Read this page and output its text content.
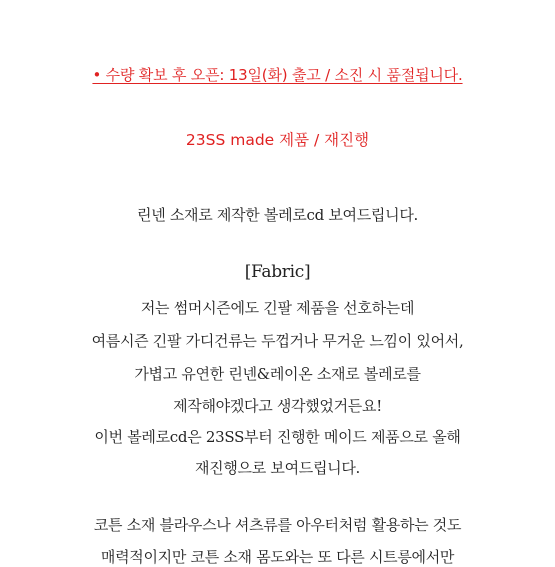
• 수량 확보 후 오픈: 13일(화) 출고 / 소진 시 품절됩니다.
23SS made 제품 / 재진행
린넨 소재로 제작한 볼레로cd 보여드립니다.
[Fabric]
저는 썸머시즌에도 긴팔 제품을 선호하는데
여름시즌 긴팔 가디건류는 두껍거나 무거운 느낌이 있어서,
가볍고 유연한 린넨&레이온 소재로 볼레로를
제작해야겠다고 생각했었거든요!
이번 볼레로cd은 23SS부터 진행한 메이드 제품으로 올해
재진행으로 보여드립니다.
코튼 소재 블라우스나 셔츠류를 아우터처럼 활용하는 것도
매력적이지만 코튼 소재 몸도와는 또 다른 시트릉에서만
